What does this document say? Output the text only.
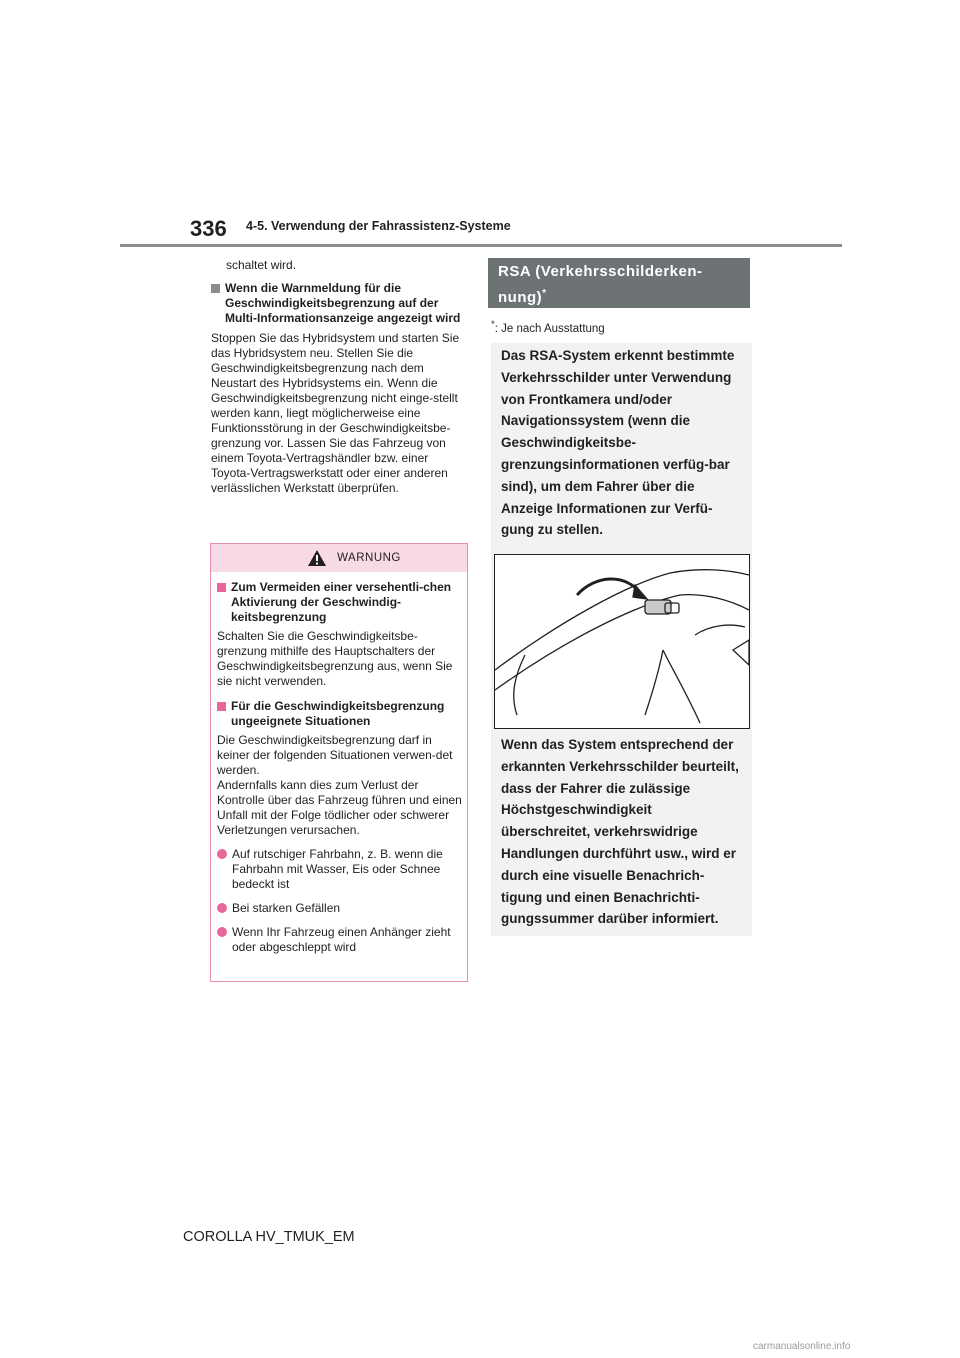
336 4-5. Verwendung der Fahrassistenz-Systeme

schaltet wird.

Wenn die Warnmeldung für die Geschwindigkeitsbegrenzung auf der Multi-Informationsanzeige angezeigt wird

Stoppen Sie das Hybridsystem und starten Sie das Hybridsystem neu. Stellen Sie die Geschwindigkeitsbegrenzung nach dem Neustart des Hybridsystems ein. Wenn die Geschwindigkeitsbegrenzung nicht einge-stellt werden kann, liegt möglicherweise eine Funktionsstörung in der Geschwindigkeitsbe-grenzung vor. Lassen Sie das Fahrzeug von einem Toyota-Vertragshändler bzw. einer Toyota-Vertragswerkstatt oder einer anderen verlässlichen Werkstatt überprüfen.

WARNUNG
Zum Vermeiden einer versehentli-chen Aktivierung der Geschwindig-keitsbegrenzung

Schalten Sie die Geschwindigkeitsbe-grenzung mithilfe des Hauptschalters der Geschwindigkeitsbegrenzung aus, wenn Sie sie nicht verwenden.

Für die Geschwindigkeitsbegrenzung ungeeignete Situationen

Die Geschwindigkeitsbegrenzung darf in keiner der folgenden Situationen verwen-det werden.

Andernfalls kann dies zum Verlust der Kontrolle über das Fahrzeug führen und einen Unfall mit der Folge tödlicher oder schwerer Verletzungen verursachen.

Auf rutschiger Fahrbahn, z. B. wenn die Fahrbahn mit Wasser, Eis oder Schnee bedeckt ist
Bei starken Gefällen
Wenn Ihr Fahrzeug einen Anhänger zieht oder abgeschleppt wird
RSA (Verkehrsschilderken-nung)*
*: Je nach Ausstattung
Das RSA-System erkennt bestimmte Verkehrsschilder unter Verwendung von Frontkamera und/oder Navigationssystem (wenn die Geschwindigkeitsbe-grenzungsinformationen verfüg-bar sind), um dem Fahrer über die Anzeige Informationen zur Verfü-gung zu stellen.
Wenn das System entsprechend der erkannten Verkehrsschilder beurteilt, dass der Fahrer die zulässige Höchstgeschwindigkeit überschreitet, verkehrswidrige Handlungen durchführt usw., wird er durch eine visuelle Benachrich-tigung und einen Benachrichti-gungssummer darüber informiert.
COROLLA HV_TMUK_EM
carmanualsonline.info
